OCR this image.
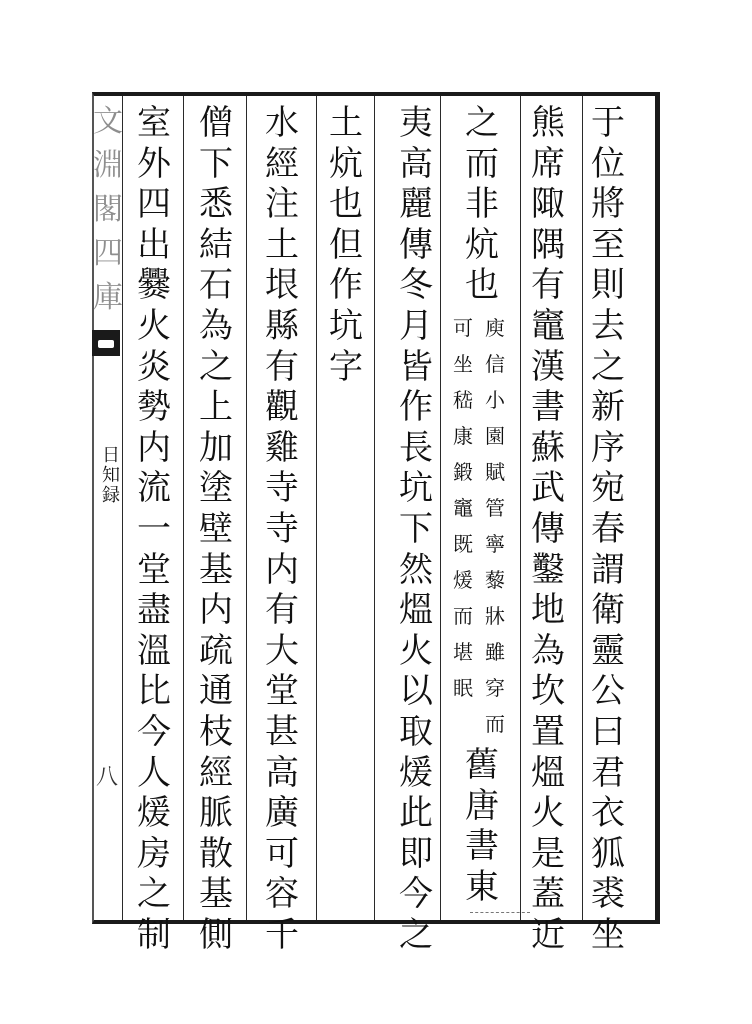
文
淵
閣
四
庫
日知録
八
于
位
將
至
則
去
之
新
序
宛
春
謂
衛
靈
公
曰
君
衣
狐
裘
坐
熊
席
陬
隅
有
竈
漢
書
蘇
武
傳
鑿
地
為
坎
置
熅
火
是
蓋
近
之
而
非
炕
也
庾
信
小
園
賦
管
寧
藜
牀
雖
穿
而
可
坐
嵇
康
鍛
竈
既
煖
而
堪
眠
舊
唐
書
東
夷
高
麗
傳
冬
月
皆
作
長
坑
下
然
熅
火
以
取
煖
此
即
今
之
土
炕
也
但
作
坑
字
水
經
注
土
垠
縣
有
觀
雞
寺
寺
内
有
大
堂
甚
高
廣
可
容
千
僧
下
悉
結
石
為
之
上
加
塗
壁
基
内
疏
通
枝
經
脈
散
基
側
室
外
四
出
爨
火
炎
勢
内
流
一
堂
盡
溫
比
今
人
煖
房
之
制
